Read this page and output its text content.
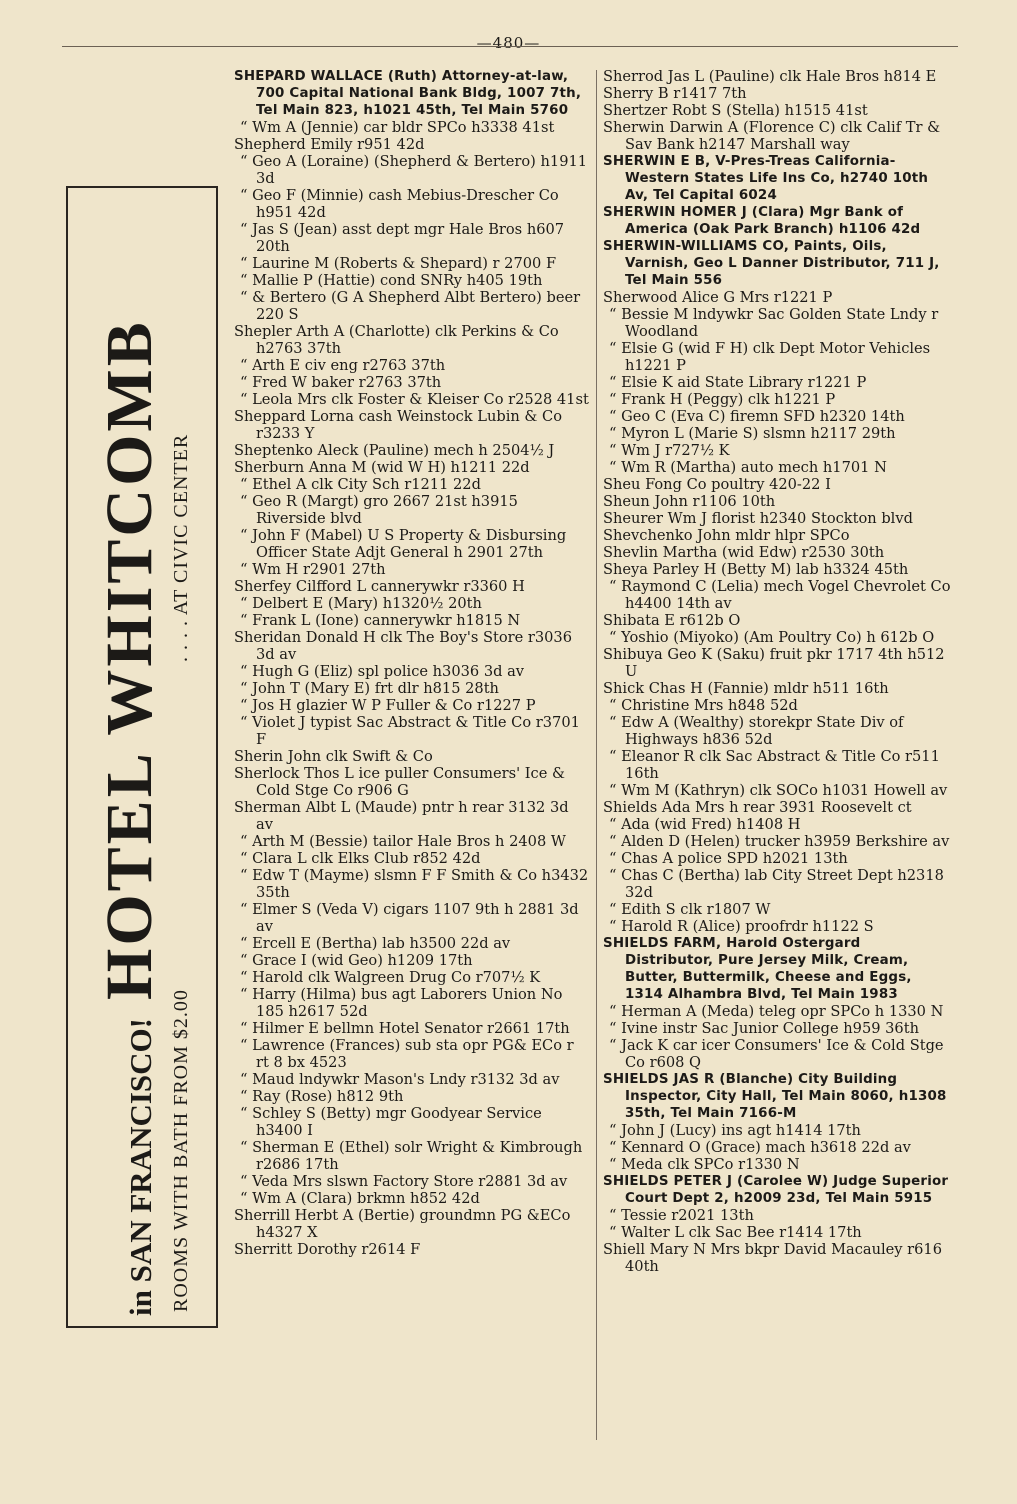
—480—
in SAN FRANCISCO!
HOTEL WHITCOMB
ROOMS WITH BATH FROM $2.00
. . . . AT CIVIC CENTER
SHEPARD WALLACE (Ruth) Attorney-at-law, 700 Capital National Bank Bldg, 1007 7th, Tel Main 823, h1021 45th, Tel Main 5760
“ Wm A (Jennie) car bldr SPCo h3338 41st
Shepherd Emily r951 42d
“ Geo A (Loraine) (Shepherd & Bertero) h1911 3d
“ Geo F (Minnie) cash Mebius-Drescher Co h951 42d
“ Jas S (Jean) asst dept mgr Hale Bros h607 20th
“ Laurine M (Roberts & Shepard) r 2700 F
“ Mallie P (Hattie) cond SNRy h405 19th
“ & Bertero (G A Shepherd Albt Bertero) beer 220 S
Shepler Arth A (Charlotte) clk Perkins & Co h2763 37th
“ Arth E civ eng r2763 37th
“ Fred W baker r2763 37th
“ Leola Mrs clk Foster & Kleiser Co r2528 41st
Sheppard Lorna cash Weinstock Lubin & Co r3233 Y
Sheptenko Aleck (Pauline) mech h 2504½ J
Sherburn Anna M (wid W H) h1211 22d
“ Ethel A clk City Sch r1211 22d
“ Geo R (Margt) gro 2667 21st h3915 Riverside blvd
“ John F (Mabel) U S Property & Disbursing Officer State Adjt General h 2901 27th
“ Wm H r2901 27th
Sherfey Cilfford L cannerywkr r3360 H
“ Delbert E (Mary) h1320½ 20th
“ Frank L (Ione) cannerywkr h1815 N
Sheridan Donald H clk The Boy's Store r3036 3d av
“ Hugh G (Eliz) spl police h3036 3d av
“ John T (Mary E) frt dlr h815 28th
“ Jos H glazier W P Fuller & Co r1227 P
“ Violet J typist Sac Abstract & Title Co r3701 F
Sherin John clk Swift & Co
Sherlock Thos L ice puller Consumers' Ice & Cold Stge Co r906 G
Sherman Albt L (Maude) pntr h rear 3132 3d av
“ Arth M (Bessie) tailor Hale Bros h 2408 W
“ Clara L clk Elks Club r852 42d
“ Edw T (Mayme) slsmn F F Smith & Co h3432 35th
“ Elmer S (Veda V) cigars 1107 9th h 2881 3d av
“ Ercell E (Bertha) lab h3500 22d av
“ Grace I (wid Geo) h1209 17th
“ Harold clk Walgreen Drug Co r707½ K
“ Harry (Hilma) bus agt Laborers Union No 185 h2617 52d
“ Hilmer E bellmn Hotel Senator r2661 17th
“ Lawrence (Frances) sub sta opr PG& ECo r rt 8 bx 4523
“ Maud lndywkr Mason's Lndy r3132 3d av
“ Ray (Rose) h812 9th
“ Schley S (Betty) mgr Goodyear Service h3400 I
“ Sherman E (Ethel) solr Wright & Kimbrough r2686 17th
“ Veda Mrs slswn Factory Store r2881 3d av
“ Wm A (Clara) brkmn h852 42d
Sherrill Herbt A (Bertie) groundmn PG &ECo h4327 X
Sherritt Dorothy r2614 F
Sherrod Jas L (Pauline) clk Hale Bros h814 E
Sherry B r1417 7th
Shertzer Robt S (Stella) h1515 41st
Sherwin Darwin A (Florence C) clk Calif Tr & Sav Bank h2147 Marshall way
SHERWIN E B, V-Pres-Treas California-Western States Life Ins Co, h2740 10th Av, Tel Capital 6024
SHERWIN HOMER J (Clara) Mgr Bank of America (Oak Park Branch) h1106 42d
SHERWIN-WILLIAMS CO, Paints, Oils, Varnish, Geo L Danner Distributor, 711 J, Tel Main 556
Sherwood Alice G Mrs r1221 P
“ Bessie M lndywkr Sac Golden State Lndy r Woodland
“ Elsie G (wid F H) clk Dept Motor Vehicles h1221 P
“ Elsie K aid State Library r1221 P
“ Frank H (Peggy) clk h1221 P
“ Geo C (Eva C) firemn SFD h2320 14th
“ Myron L (Marie S) slsmn h2117 29th
“ Wm J r727½ K
“ Wm R (Martha) auto mech h1701 N
Sheu Fong Co poultry 420-22 I
Sheun John r1106 10th
Sheurer Wm J florist h2340 Stockton blvd
Shevchenko John mldr hlpr SPCo
Shevlin Martha (wid Edw) r2530 30th
Sheya Parley H (Betty M) lab h3324 45th
“ Raymond C (Lelia) mech Vogel Chevrolet Co h4400 14th av
Shibata E r612b O
“ Yoshio (Miyoko) (Am Poultry Co) h 612b O
Shibuya Geo K (Saku) fruit pkr 1717 4th h512 U
Shick Chas H (Fannie) mldr h511 16th
“ Christine Mrs h848 52d
“ Edw A (Wealthy) storekpr State Div of Highways h836 52d
“ Eleanor R clk Sac Abstract & Title Co r511 16th
“ Wm M (Kathryn) clk SOCo h1031 Howell av
Shields Ada Mrs h rear 3931 Roosevelt ct
“ Ada (wid Fred) h1408 H
“ Alden D (Helen) trucker h3959 Berkshire av
“ Chas A police SPD h2021 13th
“ Chas C (Bertha) lab City Street Dept h2318 32d
“ Edith S clk r1807 W
“ Harold R (Alice) proofrdr h1122 S
SHIELDS FARM, Harold Ostergard Distributor, Pure Jersey Milk, Cream, Butter, Buttermilk, Cheese and Eggs, 1314 Alhambra Blvd, Tel Main 1983
“ Herman A (Meda) teleg opr SPCo h 1330 N
“ Ivine instr Sac Junior College h959 36th
“ Jack K car icer Consumers' Ice & Cold Stge Co r608 Q
SHIELDS JAS R (Blanche) City Building Inspector, City Hall, Tel Main 8060, h1308 35th, Tel Main 7166-M
“ John J (Lucy) ins agt h1414 17th
“ Kennard O (Grace) mach h3618 22d av
“ Meda clk SPCo r1330 N
SHIELDS PETER J (Carolee W) Judge Superior Court Dept 2, h2009 23d, Tel Main 5915
“ Tessie r2021 13th
“ Walter L clk Sac Bee r1414 17th
Shiell Mary N Mrs bkpr David Macauley r616 40th
